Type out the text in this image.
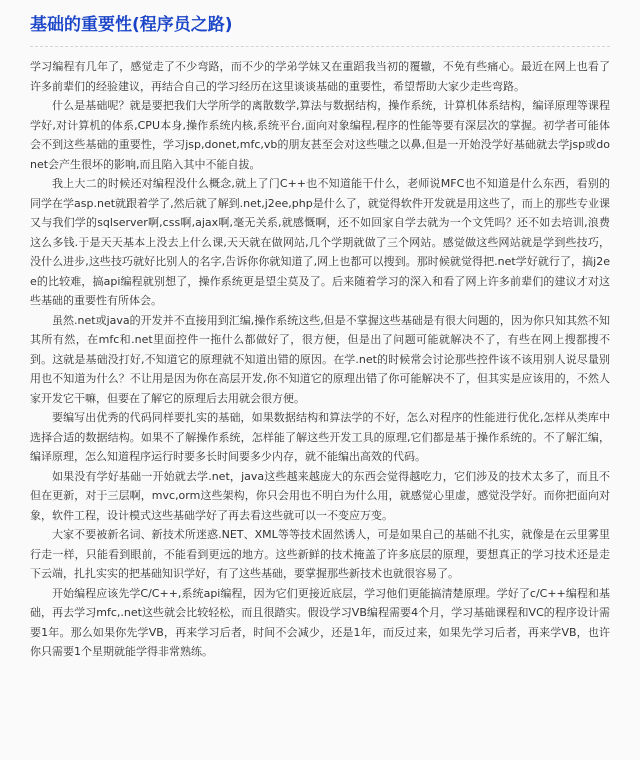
基础的重要性(程序员之路)

学习编程有几年了，感觉走了不少弯路，而不少的学弟学妹又在重蹈我当初的覆辙，不免有些痛心。最近在网上也看了许多前辈们的经验建议，再结合自己的学习经历在这里谈谈基础的重要性，希望帮助大家少走些弯路。

什么是基础呢？就是要把我们大学所学的离散数学,算法与数据结构，操作系统，计算机体系结构，编译原理等课程学好,对计算机的体系,CPU本身,操作系统内核,系统平台,面向对象编程,程序的性能等要有深层次的掌握。初学者可能体会不到这些基础的重要性，学习jsp,donet,mfc,vb的朋友甚至会对这些嗤之以鼻,但是一开始没学好基础就去学jsp或donet会产生很坏的影响,而且陷入其中不能自拔。

我上大二的时候还对编程没什么概念,就上了门C++也不知道能干什么，老师说MFC也不知道是什么东西，看别的同学在学asp.net就跟着学了,然后就了解到.net,j2ee,php是什么了，就觉得软件开发就是用这些了，而上的那些专业课又与我们学的sqlserver啊,css啊,ajax啊,毫无关系,就感慨啊，还不如回家自学去就为一个文凭吗？还不如去培训,浪费这么多钱.于是天天基本上没去上什么课,天天就在做网站,几个学期就做了三个网站。感觉做这些网站就是学到些技巧，没什么进步,这些技巧就好比别人的名字,告诉你你就知道了,网上也都可以搜到。那时候就觉得把.net学好就行了，搞j2ee的比较难，搞api编程就别想了，操作系统更是望尘莫及了。后来随着学习的深入和看了网上许多前辈们的建议才对这些基础的重要性有所体会。

虽然.net或java的开发并不直接用到汇编,操作系统这些,但是不掌握这些基础是有很大问题的，因为你只知其然不知其所有然，在mfc和.net里面控件一拖什么都做好了，很方便，但是出了问题可能就解决不了，有些在网上搜都搜不到。这就是基础没打好,不知道它的原理就不知道出错的原因。在学.net的时候常会讨论那些控件该不该用别人说尽量别用也不知道为什么？不让用是因为你在高层开发,你不知道它的原理出错了你可能解决不了，但其实是应该用的，不然人家开发它干嘛，但要在了解它的原理后去用就会很方便。

要编写出优秀的代码同样要扎实的基础，如果数据结构和算法学的不好，怎么对程序的性能进行优化,怎样从类库中选择合适的数据结构。如果不了解操作系统，怎样能了解这些开发工具的原理,它们都是基于操作系统的。不了解汇编，编译原理，怎么知道程序运行时要多长时间要多少内存，就不能编出高效的代码。

如果没有学好基础一开始就去学.net，java这些越来越庞大的东西会觉得越吃力，它们涉及的技术太多了，而且不但在更新，对于三层啊，mvc,orm这些架构，你只会用也不明白为什么用，就感觉心里虚，感觉没学好。而你把面向对象，软件工程，设计模式这些基础学好了再去看这些就可以一不变应万变。

大家不要被新名词、新技术所迷惑.NET、XML等等技术固然诱人，可是如果自己的基础不扎实，就像是在云里雾里行走一样，只能看到眼前，不能看到更远的地方。这些新鲜的技术掩盖了许多底层的原理，要想真正的学习技术还是走下云端，扎扎实实的把基础知识学好，有了这些基础，要掌握那些新技术也就很容易了。

开始编程应该先学C/C++,系统api编程，因为它们更接近底层，学习他们更能搞清楚原理。学好了c/C++编程和基础，再去学习mfc,.net这些就会比较轻松，而且很踏实。假设学习VB编程需要4个月，学习基础课程和VC的程序设计需要1年。那么如果你先学VB，再来学习后者，时间不会减少，还是1年，而反过来，如果先学习后者，再来学VB，也许你只需要1个星期就能学得非常熟练。
